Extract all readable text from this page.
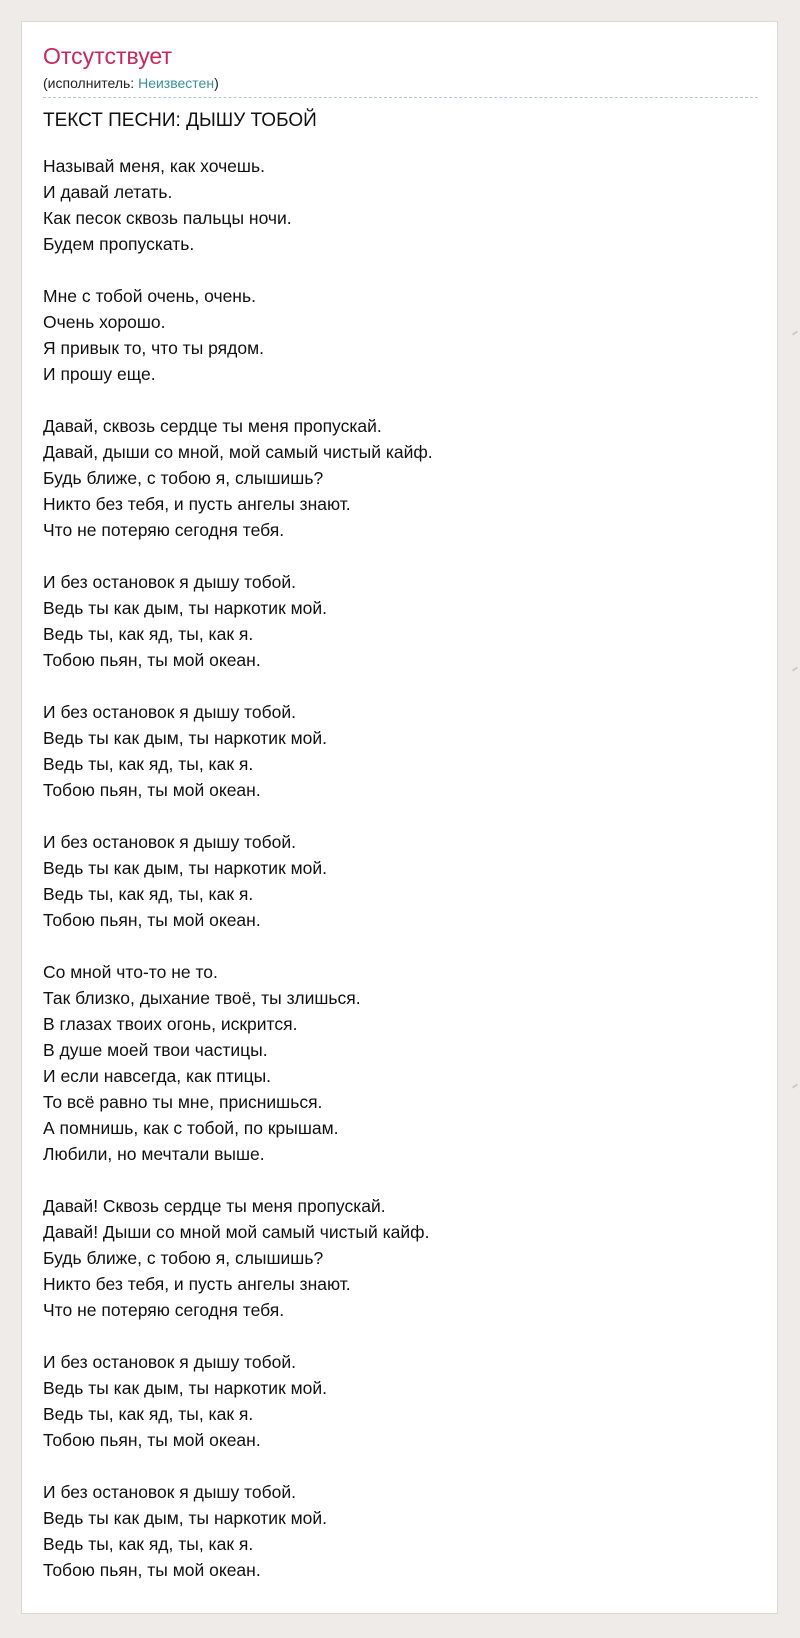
Отсутствует
(исполнитель: Неизвестен)
ТЕКСТ ПЕСНИ: ДЫШУ ТОБОЙ
Называй меня, как хочешь.
И давай летать.
Как песок сквозь пальцы ночи.
Будем пропускать.
Мне с тобой очень, очень.
Очень хорошо.
Я привык то, что ты рядом.
И прошу еще.
Давай, сквозь сердце ты меня пропускай.
Давай, дыши со мной, мой самый чистый кайф.
Будь ближе, с тобою я, слышишь?
Никто без тебя, и пусть ангелы знают.
Что не потеряю сегодня тебя.
И без остановок я дышу тобой.
Ведь ты как дым, ты наркотик мой.
Ведь ты, как яд, ты, как я.
Тобою пьян, ты мой океан.
И без остановок я дышу тобой.
Ведь ты как дым, ты наркотик мой.
Ведь ты, как яд, ты, как я.
Тобою пьян, ты мой океан.
И без остановок я дышу тобой.
Ведь ты как дым, ты наркотик мой.
Ведь ты, как яд, ты, как я.
Тобою пьян, ты мой океан.
Со мной что-то не то.
Так близко, дыхание твоё, ты злишься.
В глазах твоих огонь, искрится.
В душе моей твои частицы.
И если навсегда, как птицы.
То всё равно ты мне, приснишься.
А помнишь, как с тобой, по крышам.
Любили, но мечтали выше.
Давай! Сквозь сердце ты меня пропускай.
Давай! Дыши со мной мой самый чистый кайф.
Будь ближе, с тобою я, слышишь?
Никто без тебя, и пусть ангелы знают.
Что не потеряю сегодня тебя.
И без остановок я дышу тобой.
Ведь ты как дым, ты наркотик мой.
Ведь ты, как яд, ты, как я.
Тобою пьян, ты мой океан.
И без остановок я дышу тобой.
Ведь ты как дым, ты наркотик мой.
Ведь ты, как яд, ты, как я.
Тобою пьян, ты мой океан.
